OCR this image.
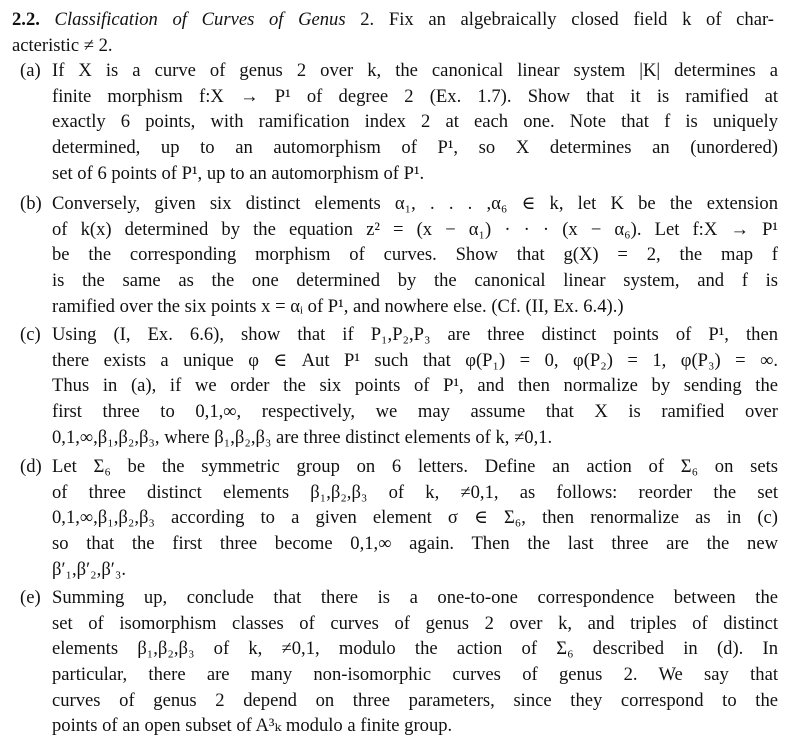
2.2. Classification of Curves of Genus 2. Fix an algebraically closed field k of char-
acteristic ≠ 2.
(a) If X is a curve of genus 2 over k, the canonical linear system |K| determines a
finite morphism f:X → P¹ of degree 2 (Ex. 1.7). Show that it is ramified at
exactly 6 points, with ramification index 2 at each one. Note that f is uniquely
determined, up to an automorphism of P¹, so X determines an (unordered)
set of 6 points of P¹, up to an automorphism of P¹.
(b) Conversely, given six distinct elements α₁, . . . ,α₆ ∈ k, let K be the extension
of k(x) determined by the equation z² = (x − α₁) · · · (x − α₆). Let f:X → P¹
be the corresponding morphism of curves. Show that g(X) = 2, the map f
is the same as the one determined by the canonical linear system, and f is
ramified over the six points x = αᵢ of P¹, and nowhere else. (Cf. (II, Ex. 6.4).)
(c) Using (I, Ex. 6.6), show that if P₁,P₂,P₃ are three distinct points of P¹, then
there exists a unique φ ∈ Aut P¹ such that φ(P₁) = 0, φ(P₂) = 1, φ(P₃) = ∞.
Thus in (a), if we order the six points of P¹, and then normalize by sending the
first three to 0,1,∞, respectively, we may assume that X is ramified over
0,1,∞,β₁,β₂,β₃, where β₁,β₂,β₃ are three distinct elements of k, ≠0,1.
(d) Let Σ₆ be the symmetric group on 6 letters. Define an action of Σ₆ on sets
of three distinct elements β₁,β₂,β₃ of k, ≠0,1, as follows: reorder the set
0,1,∞,β₁,β₂,β₃ according to a given element σ ∈ Σ₆, then renormalize as in (c)
so that the first three become 0,1,∞ again. Then the last three are the new
β′₁,β′₂,β′₃.
(e) Summing up, conclude that there is a one-to-one correspondence between the
set of isomorphism classes of curves of genus 2 over k, and triples of distinct
elements β₁,β₂,β₃ of k, ≠0,1, modulo the action of Σ₆ described in (d). In
particular, there are many non-isomorphic curves of genus 2. We say that
curves of genus 2 depend on three parameters, since they correspond to the
points of an open subset of A³ₖ modulo a finite group.
